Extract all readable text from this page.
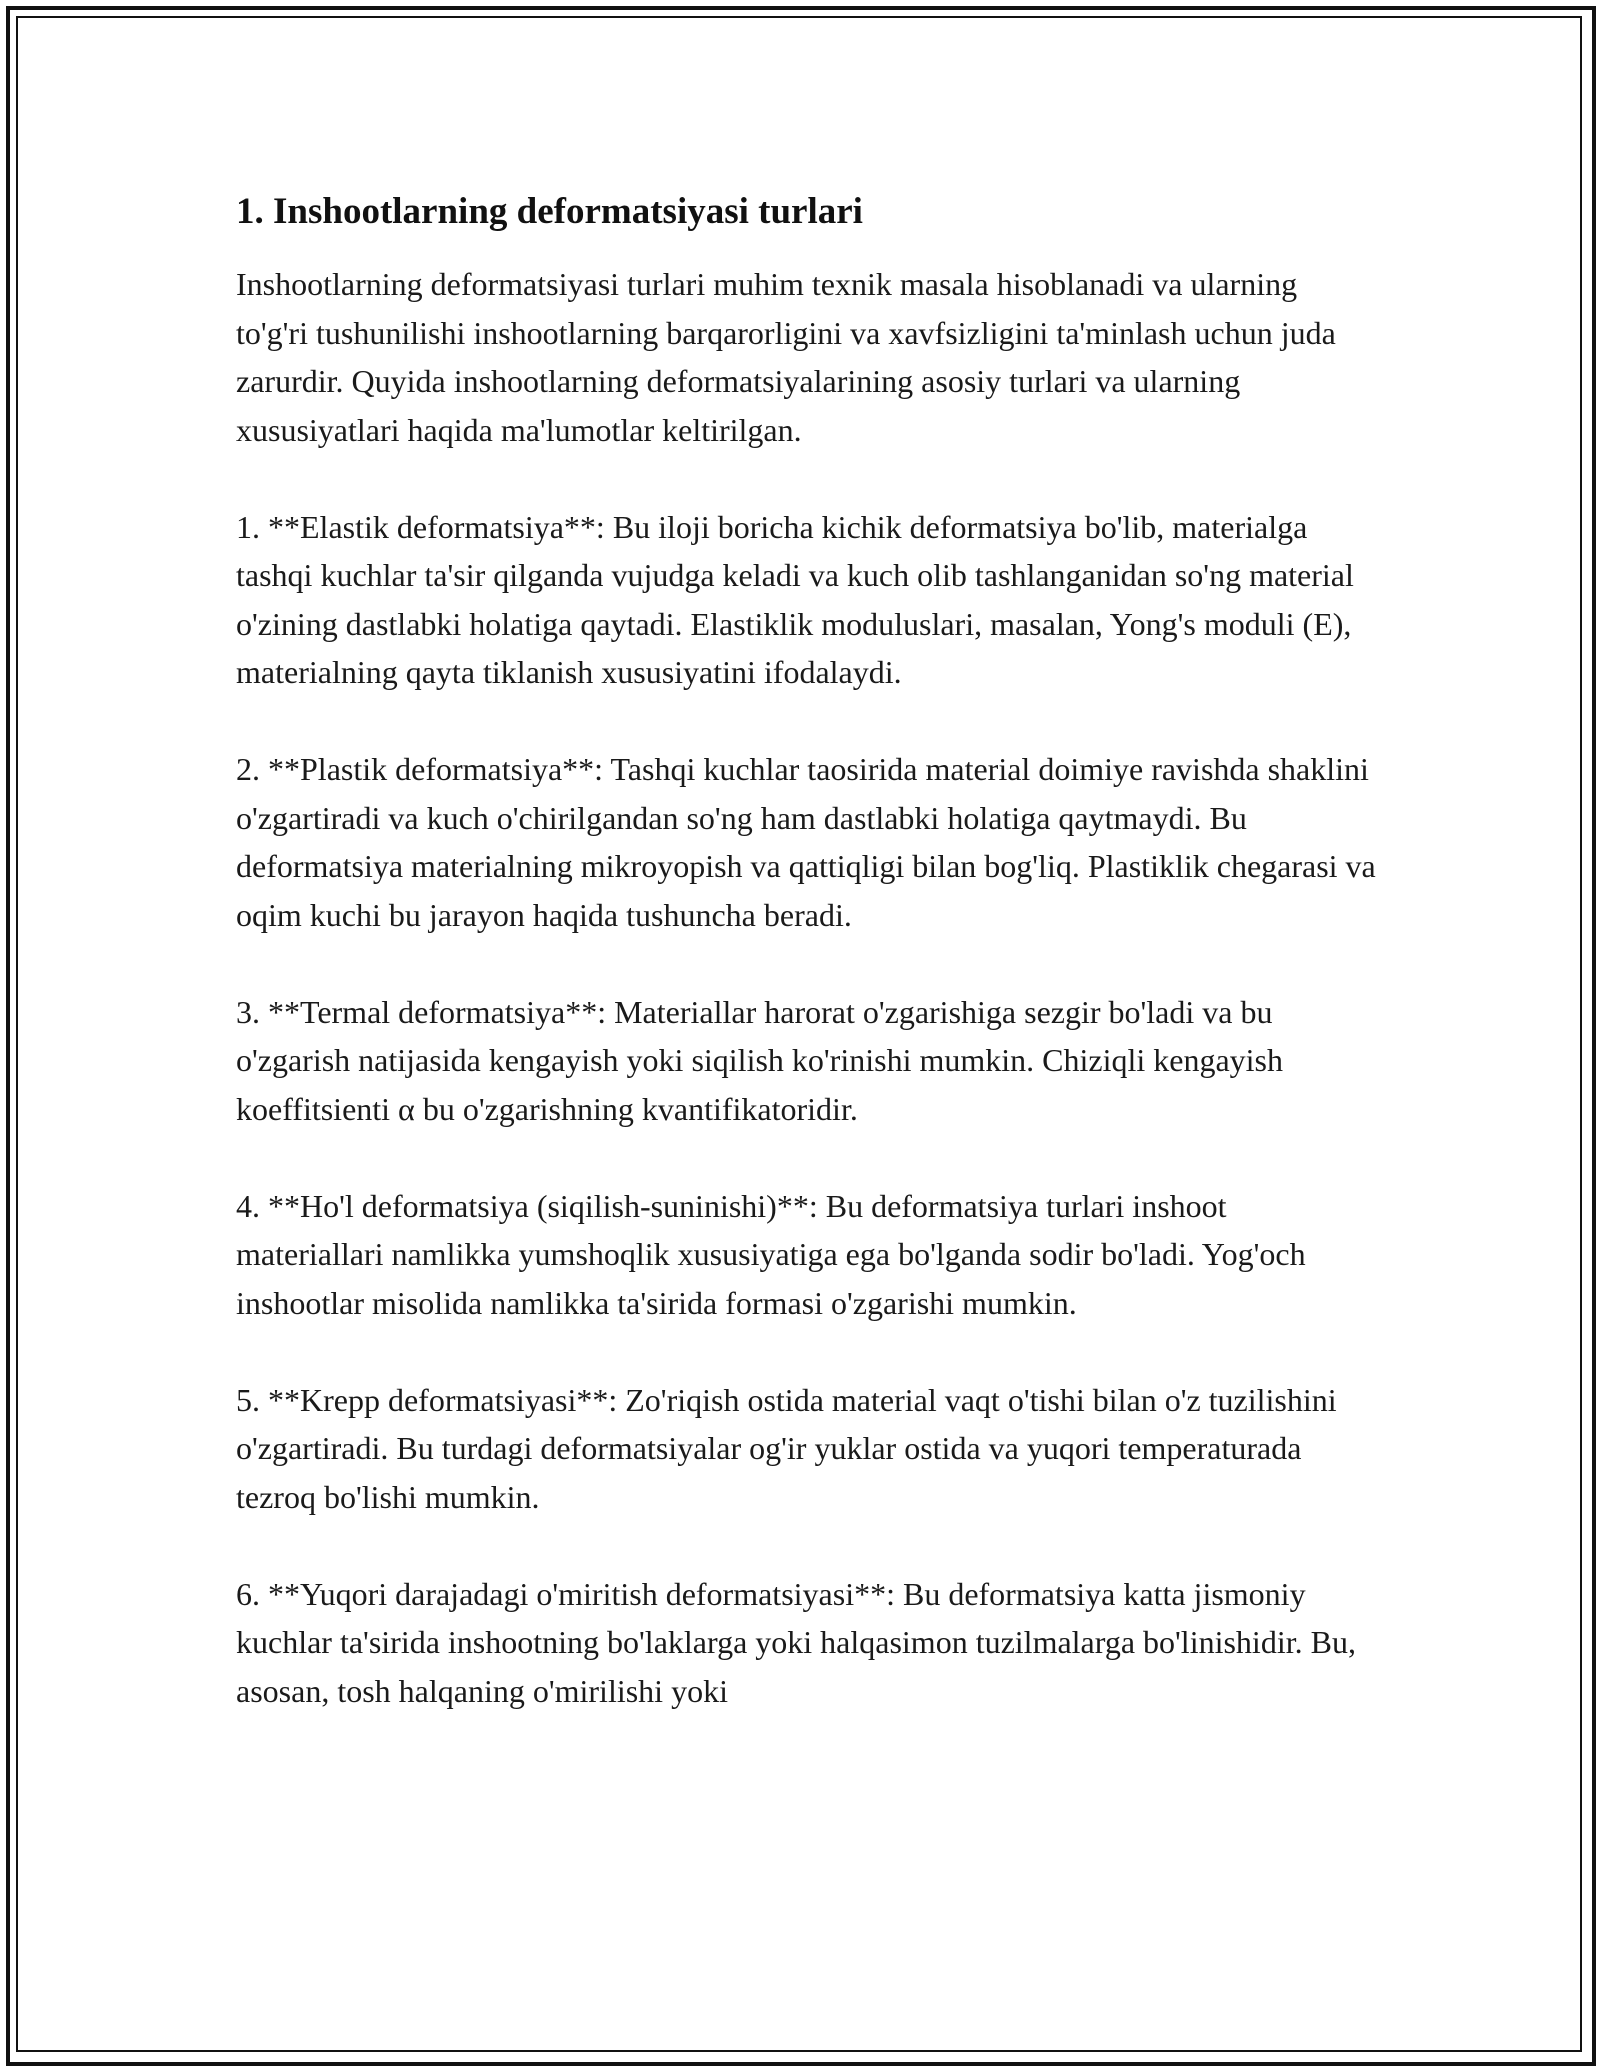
1. Inshootlarning deformatsiyasi turlari

Inshootlarning deformatsiyasi turlari muhim texnik masala hisoblanadi va ularning to'g'ri tushunilishi inshootlarning barqarorligini va xavfsizligini ta'minlash uchun juda zarurdir. Quyida inshootlarning deformatsiyalarining asosiy turlari va ularning xususiyatlari haqida ma'lumotlar keltirilgan.

1. **Elastik deformatsiya**: Bu iloji boricha kichik deformatsiya bo'lib, materialga tashqi kuchlar ta'sir qilganda vujudga keladi va kuch olib tashlanganidan so'ng material o'zining dastlabki holatiga qaytadi. Elastiklik moduluslari, masalan, Yong's moduli (E), materialning qayta tiklanish xususiyatini ifodalaydi.

2. **Plastik deformatsiya**: Tashqi kuchlar taosirida material doimiye ravishda shaklini o'zgartiradi va kuch o'chirilgandan so'ng ham dastlabki holatiga qaytmaydi. Bu deformatsiya materialning mikroyopish va qattiqligi bilan bog'liq. Plastiklik chegarasi va oqim kuchi bu jarayon haqida tushuncha beradi.

3. **Termal deformatsiya**: Materiallar harorat o'zgarishiga sezgir bo'ladi va bu o'zgarish natijasida kengayish yoki siqilish ko'rinishi mumkin. Chiziqli kengayish koeffitsienti α bu o'zgarishning kvantifikatoridir.

4. **Ho'l deformatsiya (siqilish-suninishi)**: Bu deformatsiya turlari inshoot materiallari namlikka yumshoqlik xususiyatiga ega bo'lganda sodir bo'ladi. Yog'och inshootlar misolida namlikka ta'sirida formasi o'zgarishi mumkin.

5. **Krepp deformatsiyasi**: Zo'riqish ostida material vaqt o'tishi bilan o'z tuzilishini o'zgartiradi. Bu turdagi deformatsiyalar og'ir yuklar ostida va yuqori temperaturada tezroq bo'lishi mumkin.

6. **Yuqori darajadagi o'miritish deformatsiyasi**: Bu deformatsiya katta jismoniy kuchlar ta'sirida inshootning bo'laklarga yoki halqasimon tuzilmalarga bo'linishidir. Bu, asosan, tosh halqaning o'mirilishi yoki
